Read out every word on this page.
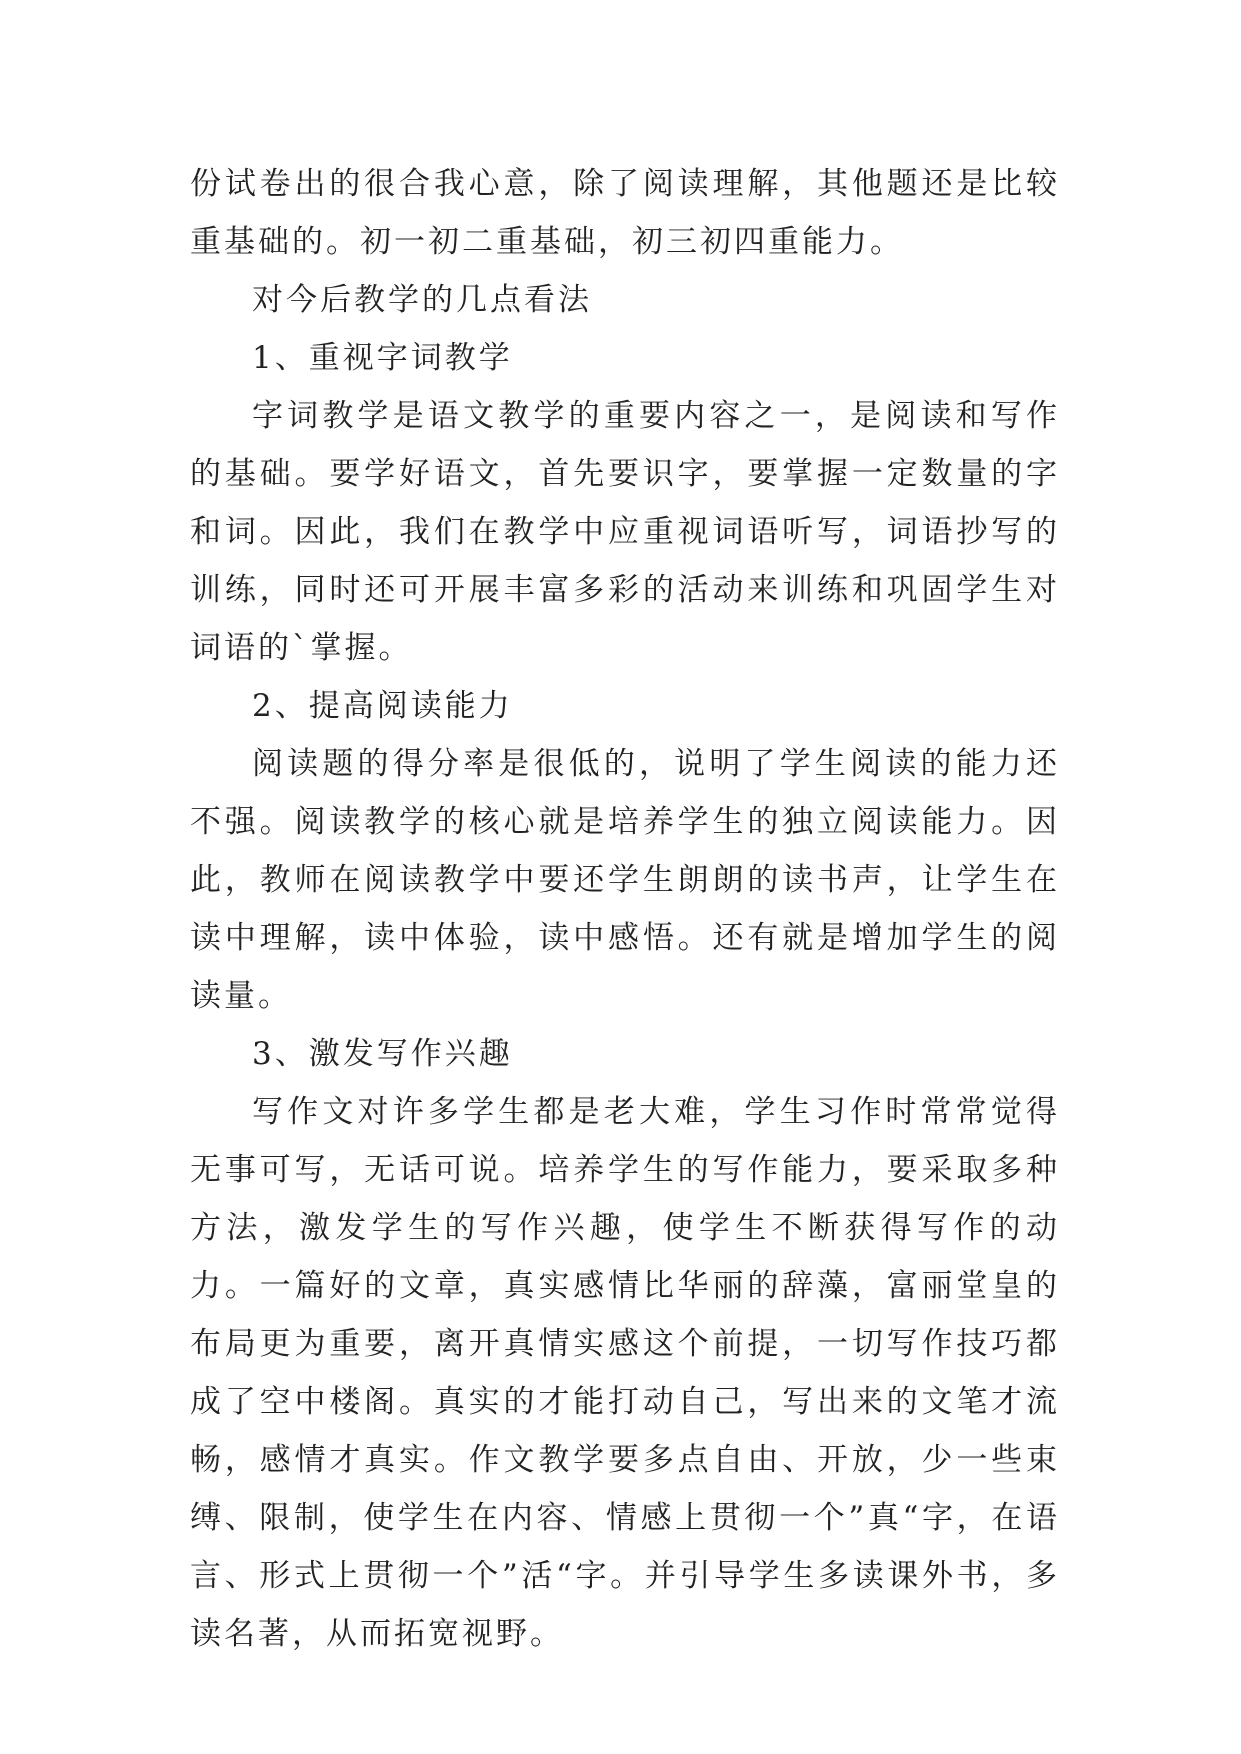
份试卷出的很合我心意，除了阅读理解，其他题还是比较重基础的。初一初二重基础，初三初四重能力。

对今后教学的几点看法

1、重视字词教学

字词教学是语文教学的重要内容之一，是阅读和写作的基础。要学好语文，首先要识字，要掌握一定数量的字和词。因此，我们在教学中应重视词语听写，词语抄写的训练，同时还可开展丰富多彩的活动来训练和巩固学生对词语的`掌握。

2、提高阅读能力

阅读题的得分率是很低的，说明了学生阅读的能力还不强。阅读教学的核心就是培养学生的独立阅读能力。因此，教师在阅读教学中要还学生朗朗的读书声，让学生在读中理解，读中体验，读中感悟。还有就是增加学生的阅读量。

3、激发写作兴趣

写作文对许多学生都是老大难，学生习作时常常觉得无事可写，无话可说。培养学生的写作能力，要采取多种方法，激发学生的写作兴趣，使学生不断获得写作的动力。一篇好的文章，真实感情比华丽的辞藻，富丽堂皇的布局更为重要，离开真情实感这个前提，一切写作技巧都成了空中楼阁。真实的才能打动自己，写出来的文笔才流畅，感情才真实。作文教学要多点自由、开放，少一些束缚、限制，使学生在内容、情感上贯彻一个”真“字，在语言、形式上贯彻一个”活“字。并引导学生多读课外书，多读名著，从而拓宽视野。
